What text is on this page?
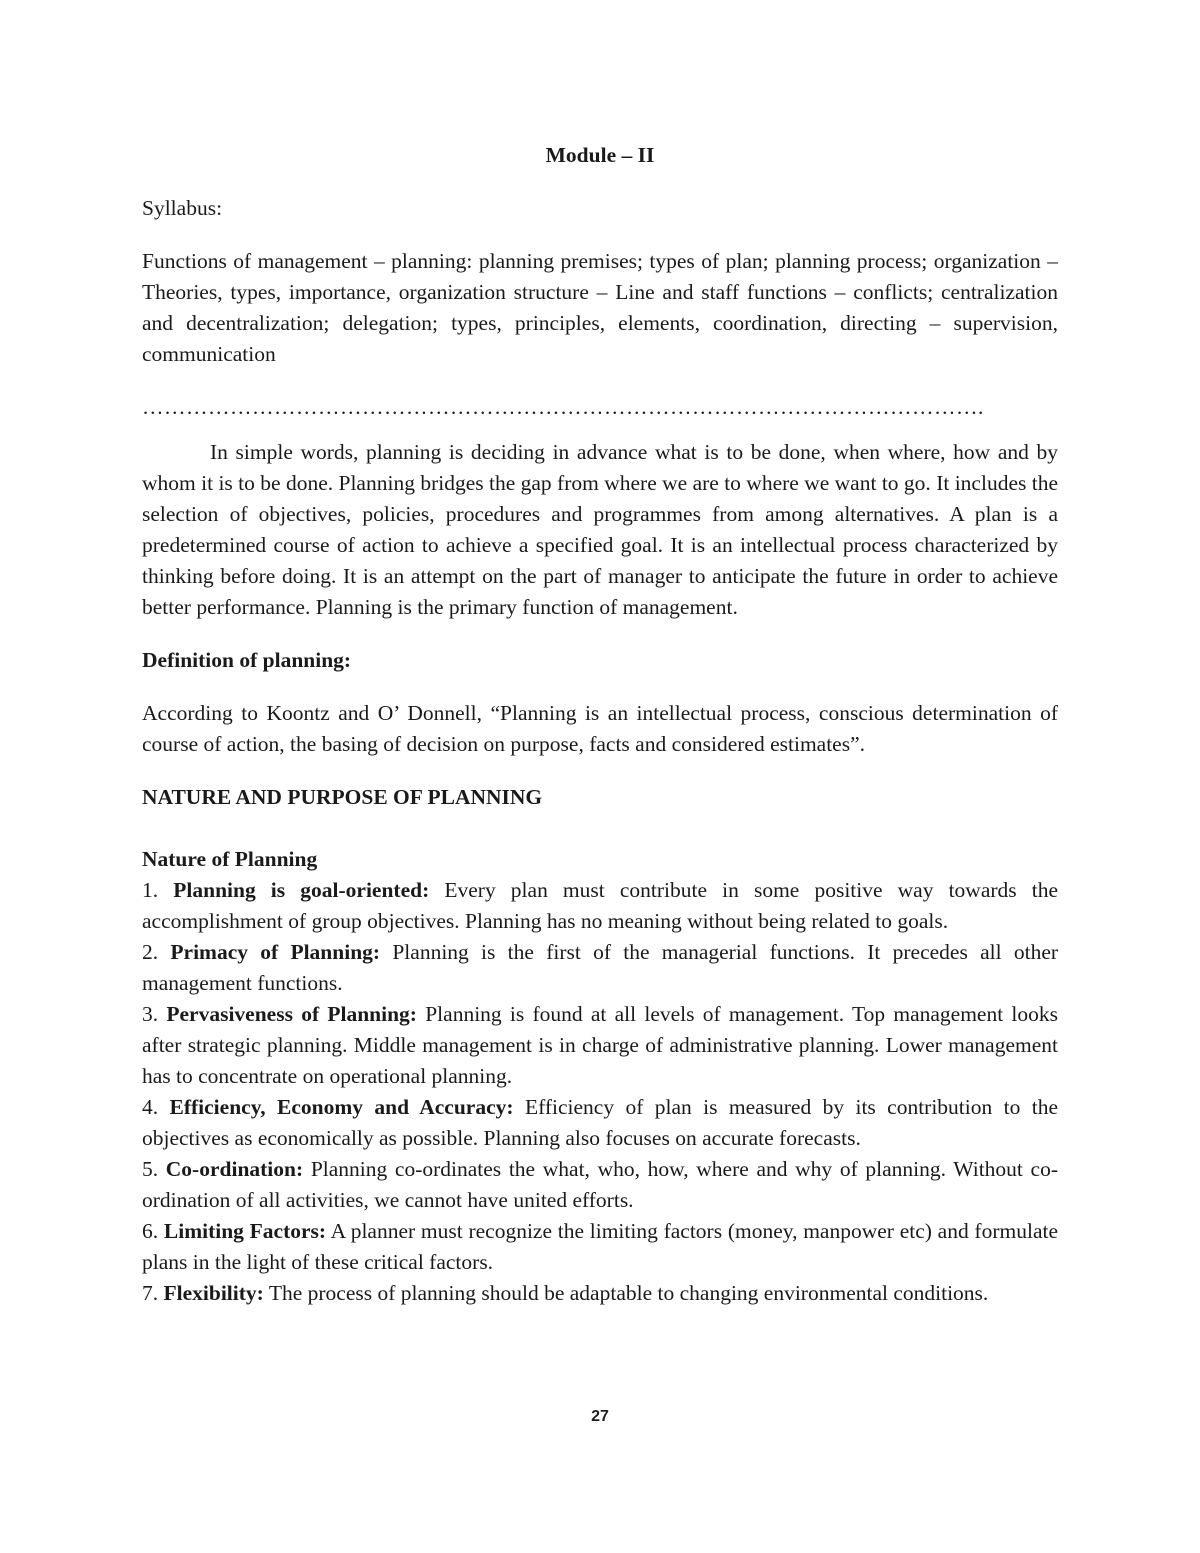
Module – II
Syllabus:
Functions of management – planning: planning premises; types of plan; planning process; organization – Theories, types, importance, organization structure – Line and staff functions – conflicts; centralization and decentralization; delegation; types, principles, elements, coordination, directing – supervision, communication
…………………………………………………………………………………………………….
In simple words, planning is deciding in advance what is to be done, when where, how and by whom it is to be done. Planning bridges the gap from where we are to where we want to go. It includes the selection of objectives, policies, procedures and programmes from among alternatives. A plan is a predetermined course of action to achieve a specified goal. It is an intellectual process characterized by thinking before doing. It is an attempt on the part of manager to anticipate the future in order to achieve better performance. Planning is the primary function of management.
Definition of planning:
According to Koontz and O’ Donnell, “Planning is an intellectual process, conscious determination of course of action, the basing of decision on purpose, facts and considered estimates”.
NATURE AND PURPOSE OF PLANNING
Nature of Planning
1. Planning is goal-oriented: Every plan must contribute in some positive way towards the accomplishment of group objectives. Planning has no meaning without being related to goals.
2. Primacy of Planning: Planning is the first of the managerial functions. It precedes all other management functions.
3. Pervasiveness of Planning: Planning is found at all levels of management. Top management looks after strategic planning. Middle management is in charge of administrative planning. Lower management has to concentrate on operational planning.
4. Efficiency, Economy and Accuracy: Efficiency of plan is measured by its contribution to the objectives as economically as possible. Planning also focuses on accurate forecasts.
5. Co-ordination: Planning co-ordinates the what, who, how, where and why of planning. Without co-ordination of all activities, we cannot have united efforts.
6. Limiting Factors: A planner must recognize the limiting factors (money, manpower etc) and formulate plans in the light of these critical factors.
7. Flexibility: The process of planning should be adaptable to changing environmental conditions.
27
